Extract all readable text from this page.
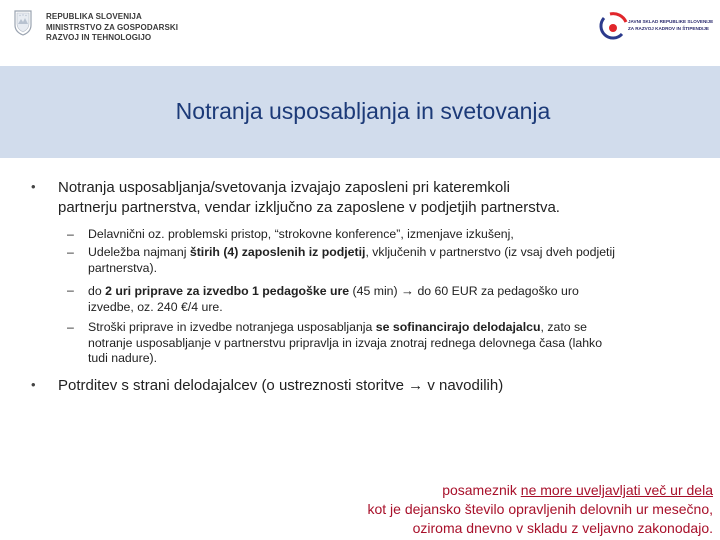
REPUBLIKA SLOVENIJA
MINISTRSTVO ZA GOSPODARSKI
RAZVOJ IN TEHNOLOGIJO
JAVNI SKLAD REPUBLIKE SLOVENIJE
ZA RAZVOJ KADROV IN ŠTIPENDIJE
Notranja usposabljanja in svetovanja
• Notranja usposabljanja/svetovanja izvajajo zaposleni pri kateremkoli
partnerju partnerstva, vendar izključno za zaposlene v podjetjih partnerstva.
– Delavnični oz. problemski pristop, “strokovne konference”, izmenjave izkušenj,
– Udeležba najmanj štirih (4) zaposlenih iz podjetij, vključenih v partnerstvo (iz vsaj dveh podjetij
partnerstva).
– do 2 uri priprave za izvedbo 1 pedagoške ure (45 min) → do 60 EUR za pedagoško uro
izvedbe, oz. 240 €/4 ure.
– Stroški priprave in izvedbe notranjega usposabljanja se sofinancirajo delodajalcu, zato se
notranje usposabljanje v partnerstvu pripravlja in izvaja znotraj rednega delovnega časa (lahko
tudi nadure).
• Potrditev s strani delodajalcev (o ustreznosti storitve → v navodilih)
posameznik ne more uveljavljati več ur dela
kot je dejansko število opravljenih delovnih ur mesečno,
oziroma dnevno v skladu z veljavno zakonodajo.
